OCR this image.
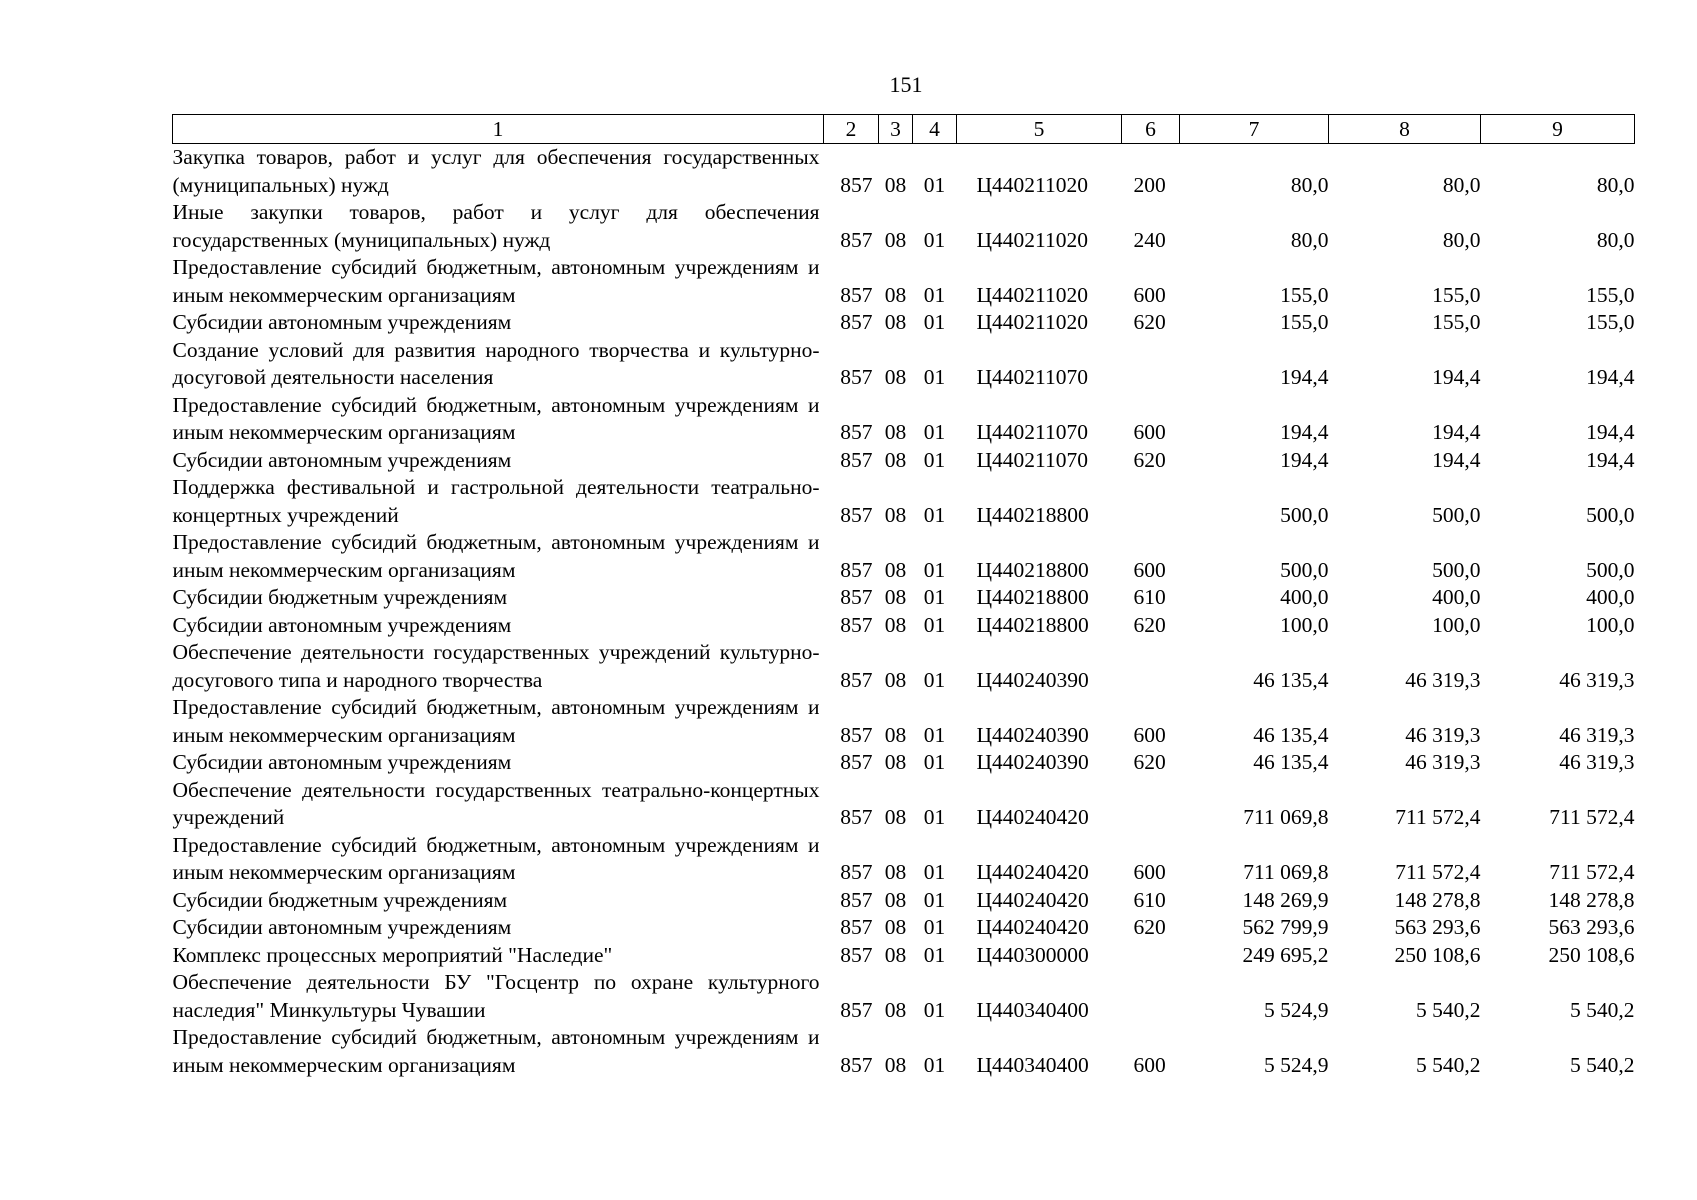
151
1	2	3	4	5	6	7	8	9
Закупка товаров, работ и услуг для обеспечения государственных (муниципальных) нужд	857	08	01	Ц440211020	200	80,0	80,0	80,0
Иные закупки товаров, работ и услуг для обеспечения государственных (муниципальных) нужд	857	08	01	Ц440211020	240	80,0	80,0	80,0
Предоставление субсидий бюджетным, автономным учреждениям и иным некоммерческим организациям	857	08	01	Ц440211020	600	155,0	155,0	155,0
Субсидии автономным учреждениям	857	08	01	Ц440211020	620	155,0	155,0	155,0
Создание условий для развития народного творчества и культурно-досуговой деятельности населения	857	08	01	Ц440211070		194,4	194,4	194,4
Предоставление субсидий бюджетным, автономным учреждениям и иным некоммерческим организациям	857	08	01	Ц440211070	600	194,4	194,4	194,4
Субсидии автономным учреждениям	857	08	01	Ц440211070	620	194,4	194,4	194,4
Поддержка фестивальной и гастрольной деятельности театрально-концертных учреждений	857	08	01	Ц440218800		500,0	500,0	500,0
Предоставление субсидий бюджетным, автономным учреждениям и иным некоммерческим организациям	857	08	01	Ц440218800	600	500,0	500,0	500,0
Субсидии бюджетным учреждениям	857	08	01	Ц440218800	610	400,0	400,0	400,0
Субсидии автономным учреждениям	857	08	01	Ц440218800	620	100,0	100,0	100,0
Обеспечение деятельности государственных учреждений культурно-досугового типа и народного творчества	857	08	01	Ц440240390		46 135,4	46 319,3	46 319,3
Предоставление субсидий бюджетным, автономным учреждениям и иным некоммерческим организациям	857	08	01	Ц440240390	600	46 135,4	46 319,3	46 319,3
Субсидии автономным учреждениям	857	08	01	Ц440240390	620	46 135,4	46 319,3	46 319,3
Обеспечение деятельности государственных театрально-концертных учреждений	857	08	01	Ц440240420		711 069,8	711 572,4	711 572,4
Предоставление субсидий бюджетным, автономным учреждениям и иным некоммерческим организациям	857	08	01	Ц440240420	600	711 069,8	711 572,4	711 572,4
Субсидии бюджетным учреждениям	857	08	01	Ц440240420	610	148 269,9	148 278,8	148 278,8
Субсидии автономным учреждениям	857	08	01	Ц440240420	620	562 799,9	563 293,6	563 293,6
Комплекс процессных мероприятий "Наследие"	857	08	01	Ц440300000		249 695,2	250 108,6	250 108,6
Обеспечение деятельности БУ "Госцентр по охране культурного наследия" Минкультуры Чувашии	857	08	01	Ц440340400		5 524,9	5 540,2	5 540,2
Предоставление субсидий бюджетным, автономным учреждениям и иным некоммерческим организациям	857	08	01	Ц440340400	600	5 524,9	5 540,2	5 540,2
